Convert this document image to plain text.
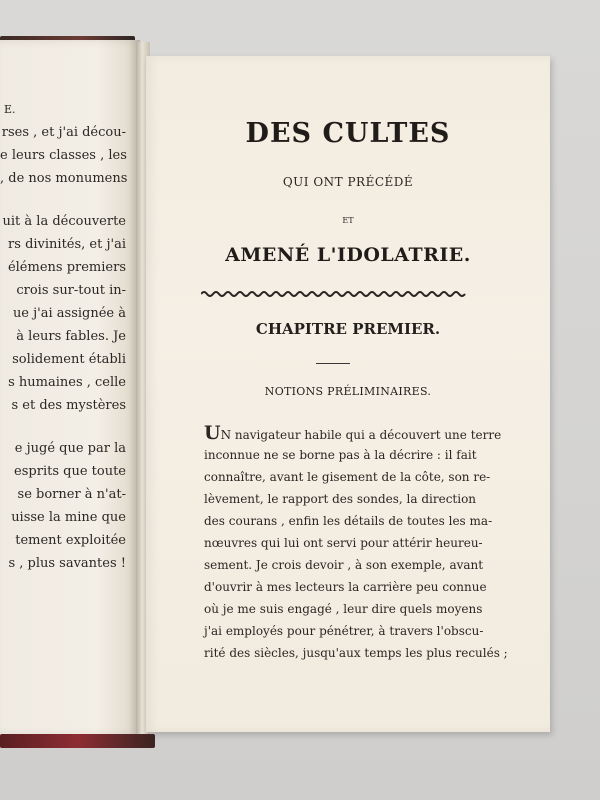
E.
rses , et j'ai décou-
e leurs classes , les
, de nos monumens
uit à la découverte
rs divinités, et j'ai
élémens premiers
crois sur-tout in-
ue j'ai assignée à
à leurs fables. Je
solidement établi
s humaines , celle
s et des mystères
e jugé que par la
esprits que toute
se borner à n'at-
uisse la mine que
tement exploitée
s , plus savantes !
DES CULTES
QUI ONT PRÉCÉDÉ
ET
AMENÉ L'IDOLATRIE.
CHAPITRE PREMIER.
NOTIONS PRÉLIMINAIRES.
UN navigateur habile qui a découvert une terre
inconnue ne se borne pas à la décrire : il fait
connaître, avant le gisement de la côte, son re-
lèvement, le rapport des sondes, la direction
des courans , enfin les détails de toutes les ma-
nœuvres qui lui ont servi pour attérir heureu-
sement. Je crois devoir , à son exemple, avant
d'ouvrir à mes lecteurs la carrière peu connue
où je me suis engagé , leur dire quels moyens
j'ai employés pour pénétrer, à travers l'obscu-
rité des siècles, jusqu'aux temps les plus reculés ;
